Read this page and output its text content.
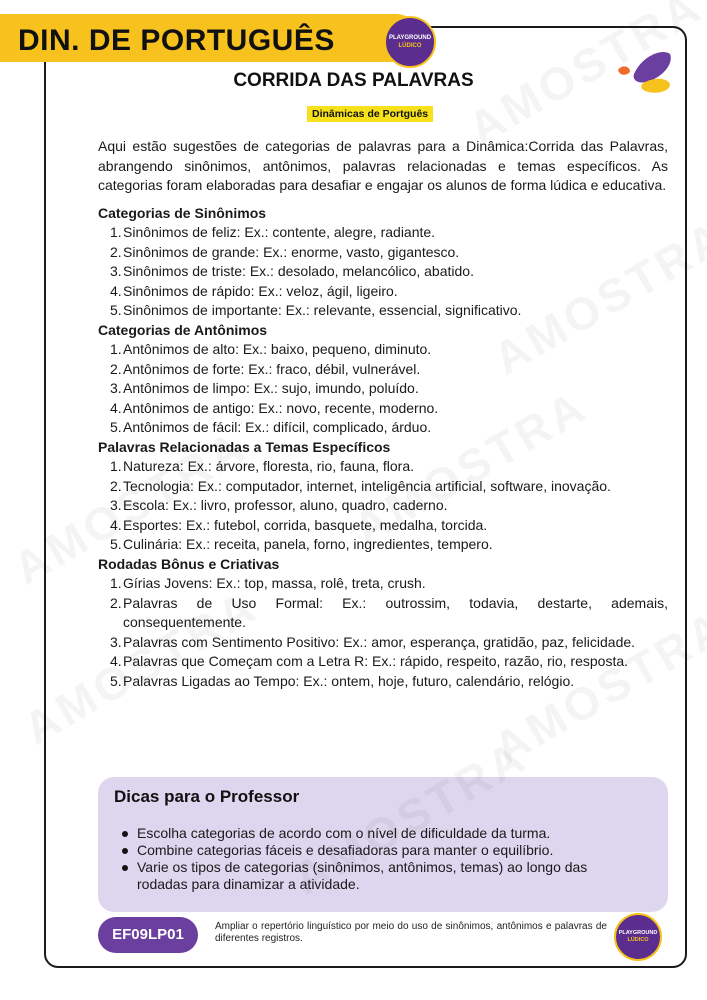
DIN. DE PORTUGUÊS	PLAYGROUND
LÚDICO
CORRIDA DAS PALAVRAS
Dinâmicas de Portguês

Aqui estão sugestões de categorias de palavras para a Dinâmica:Corrida das Palavras, abrangendo sinônimos, antônimos, palavras relacionadas e temas específicos. As categorias foram elaboradas para desafiar e engajar os alunos de forma lúdica e educativa.

Categorias de Sinônimos

1. Sinônimos de feliz: Ex.: contente, alegre, radiante.
2. Sinônimos de grande: Ex.: enorme, vasto, gigantesco.
3. Sinônimos de triste: Ex.: desolado, melancólico, abatido.
4. Sinônimos de rápido: Ex.: veloz, ágil, ligeiro.
5. Sinônimos de importante: Ex.: relevante, essencial, significativo.

Categorias de Antônimos

1. Antônimos de alto: Ex.: baixo, pequeno, diminuto.
2. Antônimos de forte: Ex.: fraco, débil, vulnerável.
3. Antônimos de limpo: Ex.: sujo, imundo, poluído.
4. Antônimos de antigo: Ex.: novo, recente, moderno.
5. Antônimos de fácil: Ex.: difícil, complicado, árduo.

Palavras Relacionadas a Temas Específicos

1. Natureza: Ex.: árvore, floresta, rio, fauna, flora.
2. Tecnologia: Ex.: computador, internet, inteligência artificial, software, inovação.
3. Escola: Ex.: livro, professor, aluno, quadro, caderno.
4. Esportes: Ex.: futebol, corrida, basquete, medalha, torcida.
5. Culinária: Ex.: receita, panela, forno, ingredientes, tempero.

Rodadas Bônus e Criativas

1. Gírias Jovens: Ex.: top, massa, rolê, treta, crush.
2. Palavras de Uso Formal: Ex.: outrossim, todavia, destarte, ademais, consequentemente.
3. Palavras com Sentimento Positivo: Ex.: amor, esperança, gratidão, paz, felicidade.
4. Palavras que Começam com a Letra R: Ex.: rápido, respeito, razão, rio, resposta.
5. Palavras Ligadas ao Tempo: Ex.: ontem, hoje, futuro, calendário, relógio.
Dicas para o Professor
Escolha categorias de acordo com o nível de dificuldade da turma.
Combine categorias fáceis e desafiadoras para manter o equilíbrio.
Varie os tipos de categorias (sinônimos, antônimos, temas) ao longo das rodadas para dinamizar a atividade.
EF09LP01	Ampliar o repertório linguístico por meio do uso de sinônimos, antônimos e palavras de diferentes registros.	PLAYGROUND
LÚDICO
